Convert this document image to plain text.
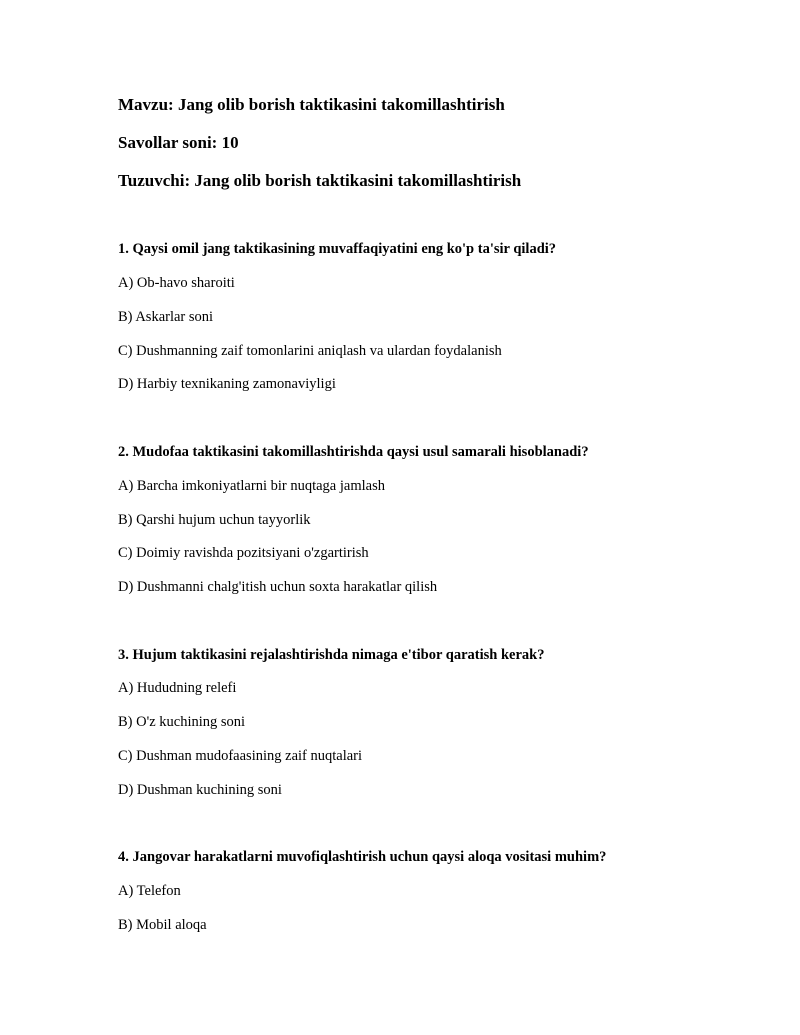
Mavzu: Jang olib borish taktikasini takomillashtirish
Savollar soni: 10
Tuzuvchi: Jang olib borish taktikasini takomillashtirish
1. Qaysi omil jang taktikasining muvaffaqiyatini eng ko'p ta'sir qiladi?
A) Ob-havo sharoiti
B) Askarlar soni
C) Dushmanning zaif tomonlarini aniqlash va ulardan foydalanish
D) Harbiy texnikaning zamonaviyligi
2. Mudofaa taktikasini takomillashtirishda qaysi usul samarali hisoblanadi?
A) Barcha imkoniyatlarni bir nuqtaga jamlash
B) Qarshi hujum uchun tayyorlik
C) Doimiy ravishda pozitsiyani o'zgartirish
D) Dushmanni chalg'itish uchun soxta harakatlar qilish
3. Hujum taktikasini rejalashtirishda nimaga e'tibor qaratish kerak?
A) Hududning relefi
B) O'z kuchining soni
C) Dushman mudofaasining zaif nuqtalari
D) Dushman kuchining soni
4. Jangovar harakatlarni muvofiqlashtirish uchun qaysi aloqa vositasi muhim?
A) Telefon
B) Mobil aloqa
